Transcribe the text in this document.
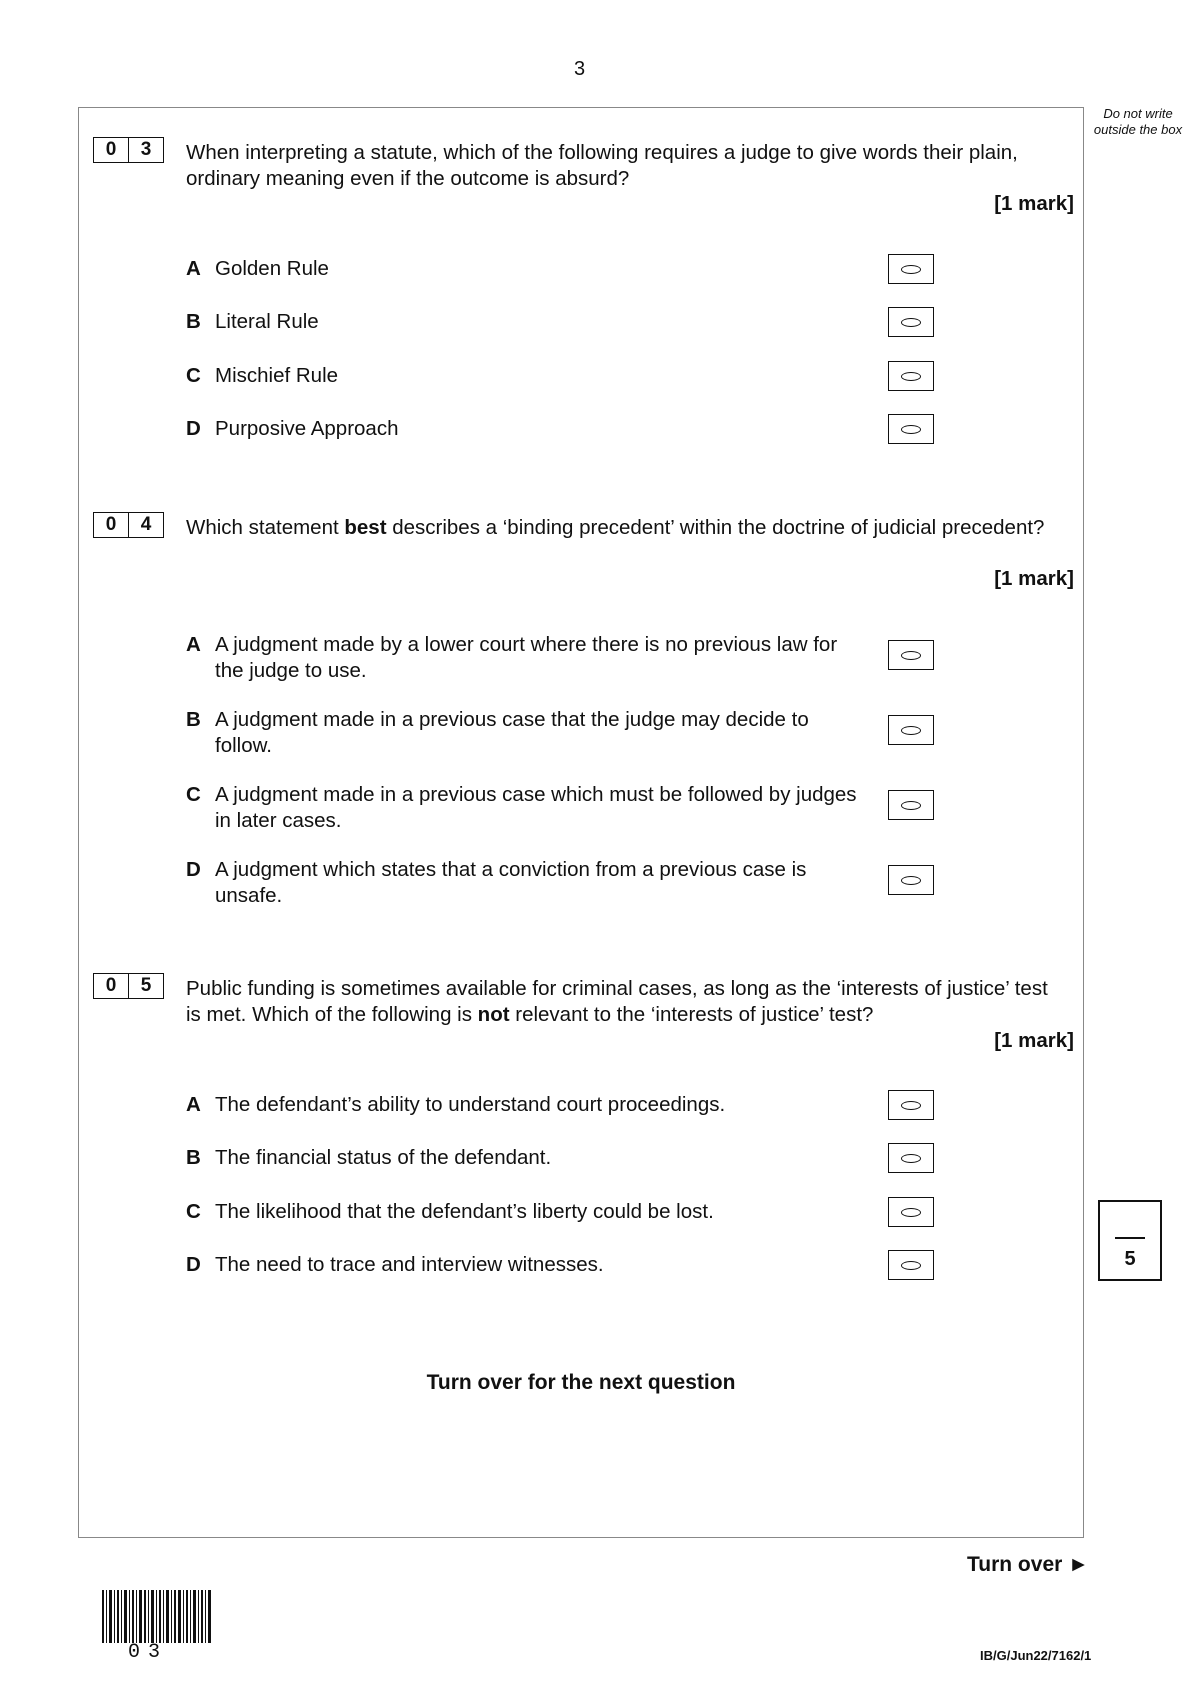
3
Do not write outside the box
0	3	When interpreting a statute, which of the following requires a judge to give words their plain, ordinary meaning even if the outcome is absurd?
[1 mark]
A Golden Rule
B Literal Rule
C Mischief Rule
D Purposive Approach
0	4	Which statement best describes a ‘binding precedent’ within the doctrine of judicial precedent?
[1 mark]
A A judgment made by a lower court where there is no previous law for the judge to use.
B A judgment made in a previous case that the judge may decide to follow.
C A judgment made in a previous case which must be followed by judges in later cases.
D A judgment which states that a conviction from a previous case is unsafe.
0	5	Public funding is sometimes available for criminal cases, as long as the ‘interests of justice’ test is met. Which of the following is not relevant to the ‘interests of justice’ test?
[1 mark]
A The defendant’s ability to understand court proceedings.
B The financial status of the defendant.
C The likelihood that the defendant’s liberty could be lost.
D The need to trace and interview witnesses.
Turn over for the next question
5
Turn over ►
03	IB/G/Jun22/7162/1
